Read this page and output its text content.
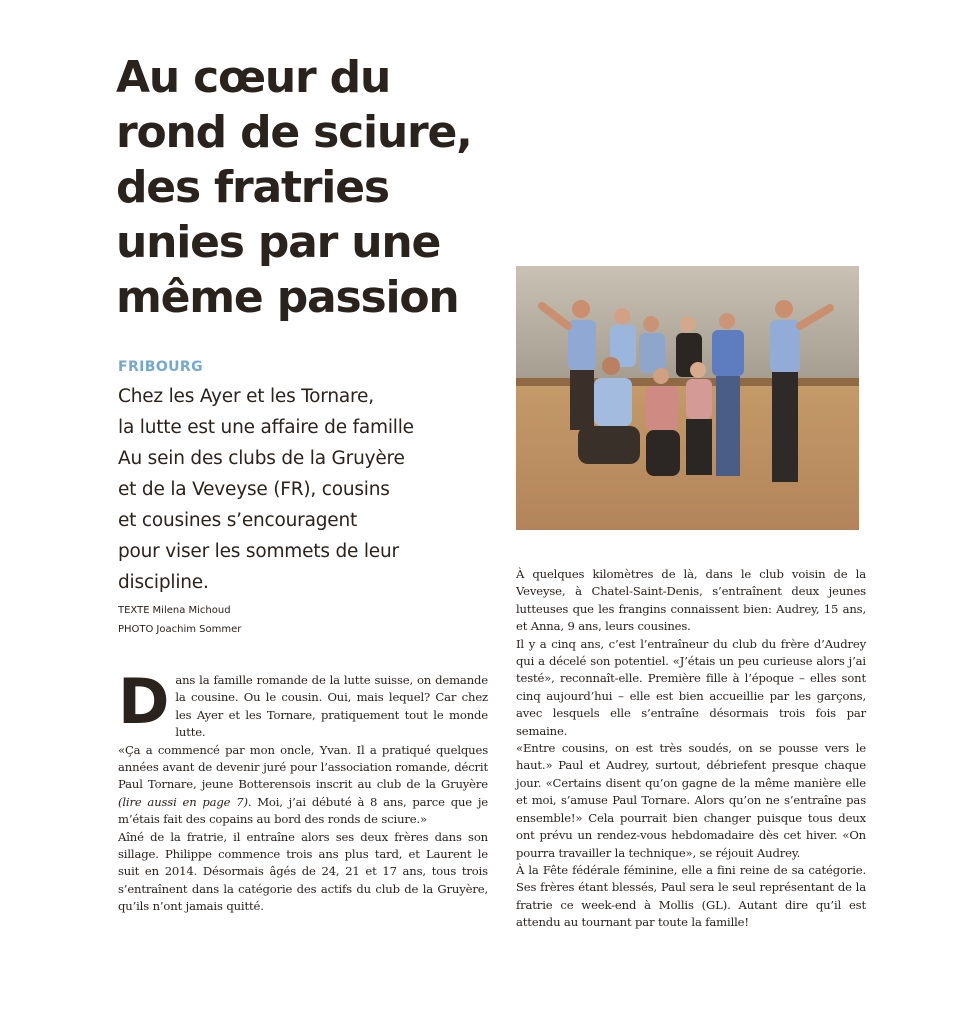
Au cœur du
rond de sciure,
des fratries
unies par une
même passion
FRIBOURG
Chez les Ayer et les Tornare,
la lutte est une affaire de famille
Au sein des clubs de la Gruyère
et de la Veveyse (FR), cousins
et cousines s’encouragent
pour viser les sommets de leur
discipline.
TEXTE Milena Michoud
PHOTO Joachim Sommer

Dans la famille romande de la lutte suisse, on demande la cousine. Ou le cousin. Oui, mais lequel? Car chez les Ayer et les Tornare, pratiquement tout le monde lutte.

«Ça a commencé par mon oncle, Yvan. Il a pratiqué quelques années avant de devenir juré pour l’association romande, décrit Paul Tornare, jeune Botterensois inscrit au club de la Gruyère (lire aussi en page 7). Moi, j’ai débuté à 8 ans, parce que je m’étais fait des copains au bord des ronds de sciure.»

Aîné de la fratrie, il entraîne alors ses deux frères dans son sillage. Philippe commence trois ans plus tard, et Laurent le suit en 2014. Désormais âgés de 24, 21 et 17 ans, tous trois s’entraînent dans la catégorie des actifs du club de la Gruyère, qu’ils n’ont jamais quitté.

À quelques kilomètres de là, dans le club voisin de la Veveyse, à Chatel-Saint-Denis, s’entraînent deux jeunes lutteuses que les frangins connaissent bien: Audrey, 15 ans, et Anna, 9 ans, leurs cousines.

Il y a cinq ans, c’est l’entraîneur du club du frère d’Audrey qui a décelé son potentiel. «J’étais un peu curieuse alors j’ai testé», reconnaît-elle. Première fille à l’époque – elles sont cinq aujourd’hui – elle est bien accueillie par les garçons, avec lesquels elle s’entraîne désormais trois fois par semaine.

«Entre cousins, on est très soudés, on se pousse vers le haut.» Paul et Audrey, surtout, débriefent presque chaque jour. «Certains disent qu’on gagne de la même manière elle et moi, s’amuse Paul Tornare. Alors qu’on ne s’entraîne pas ensemble!» Cela pourrait bien changer puisque tous deux ont prévu un rendez-vous hebdomadaire dès cet hiver. «On pourra travailler la technique», se réjouit Audrey.

À la Fête fédérale féminine, elle a fini reine de sa catégorie. Ses frères étant blessés, Paul sera le seul représentant de la fratrie ce week-end à Mollis (GL). Autant dire qu’il est attendu au tournant par toute la famille!
